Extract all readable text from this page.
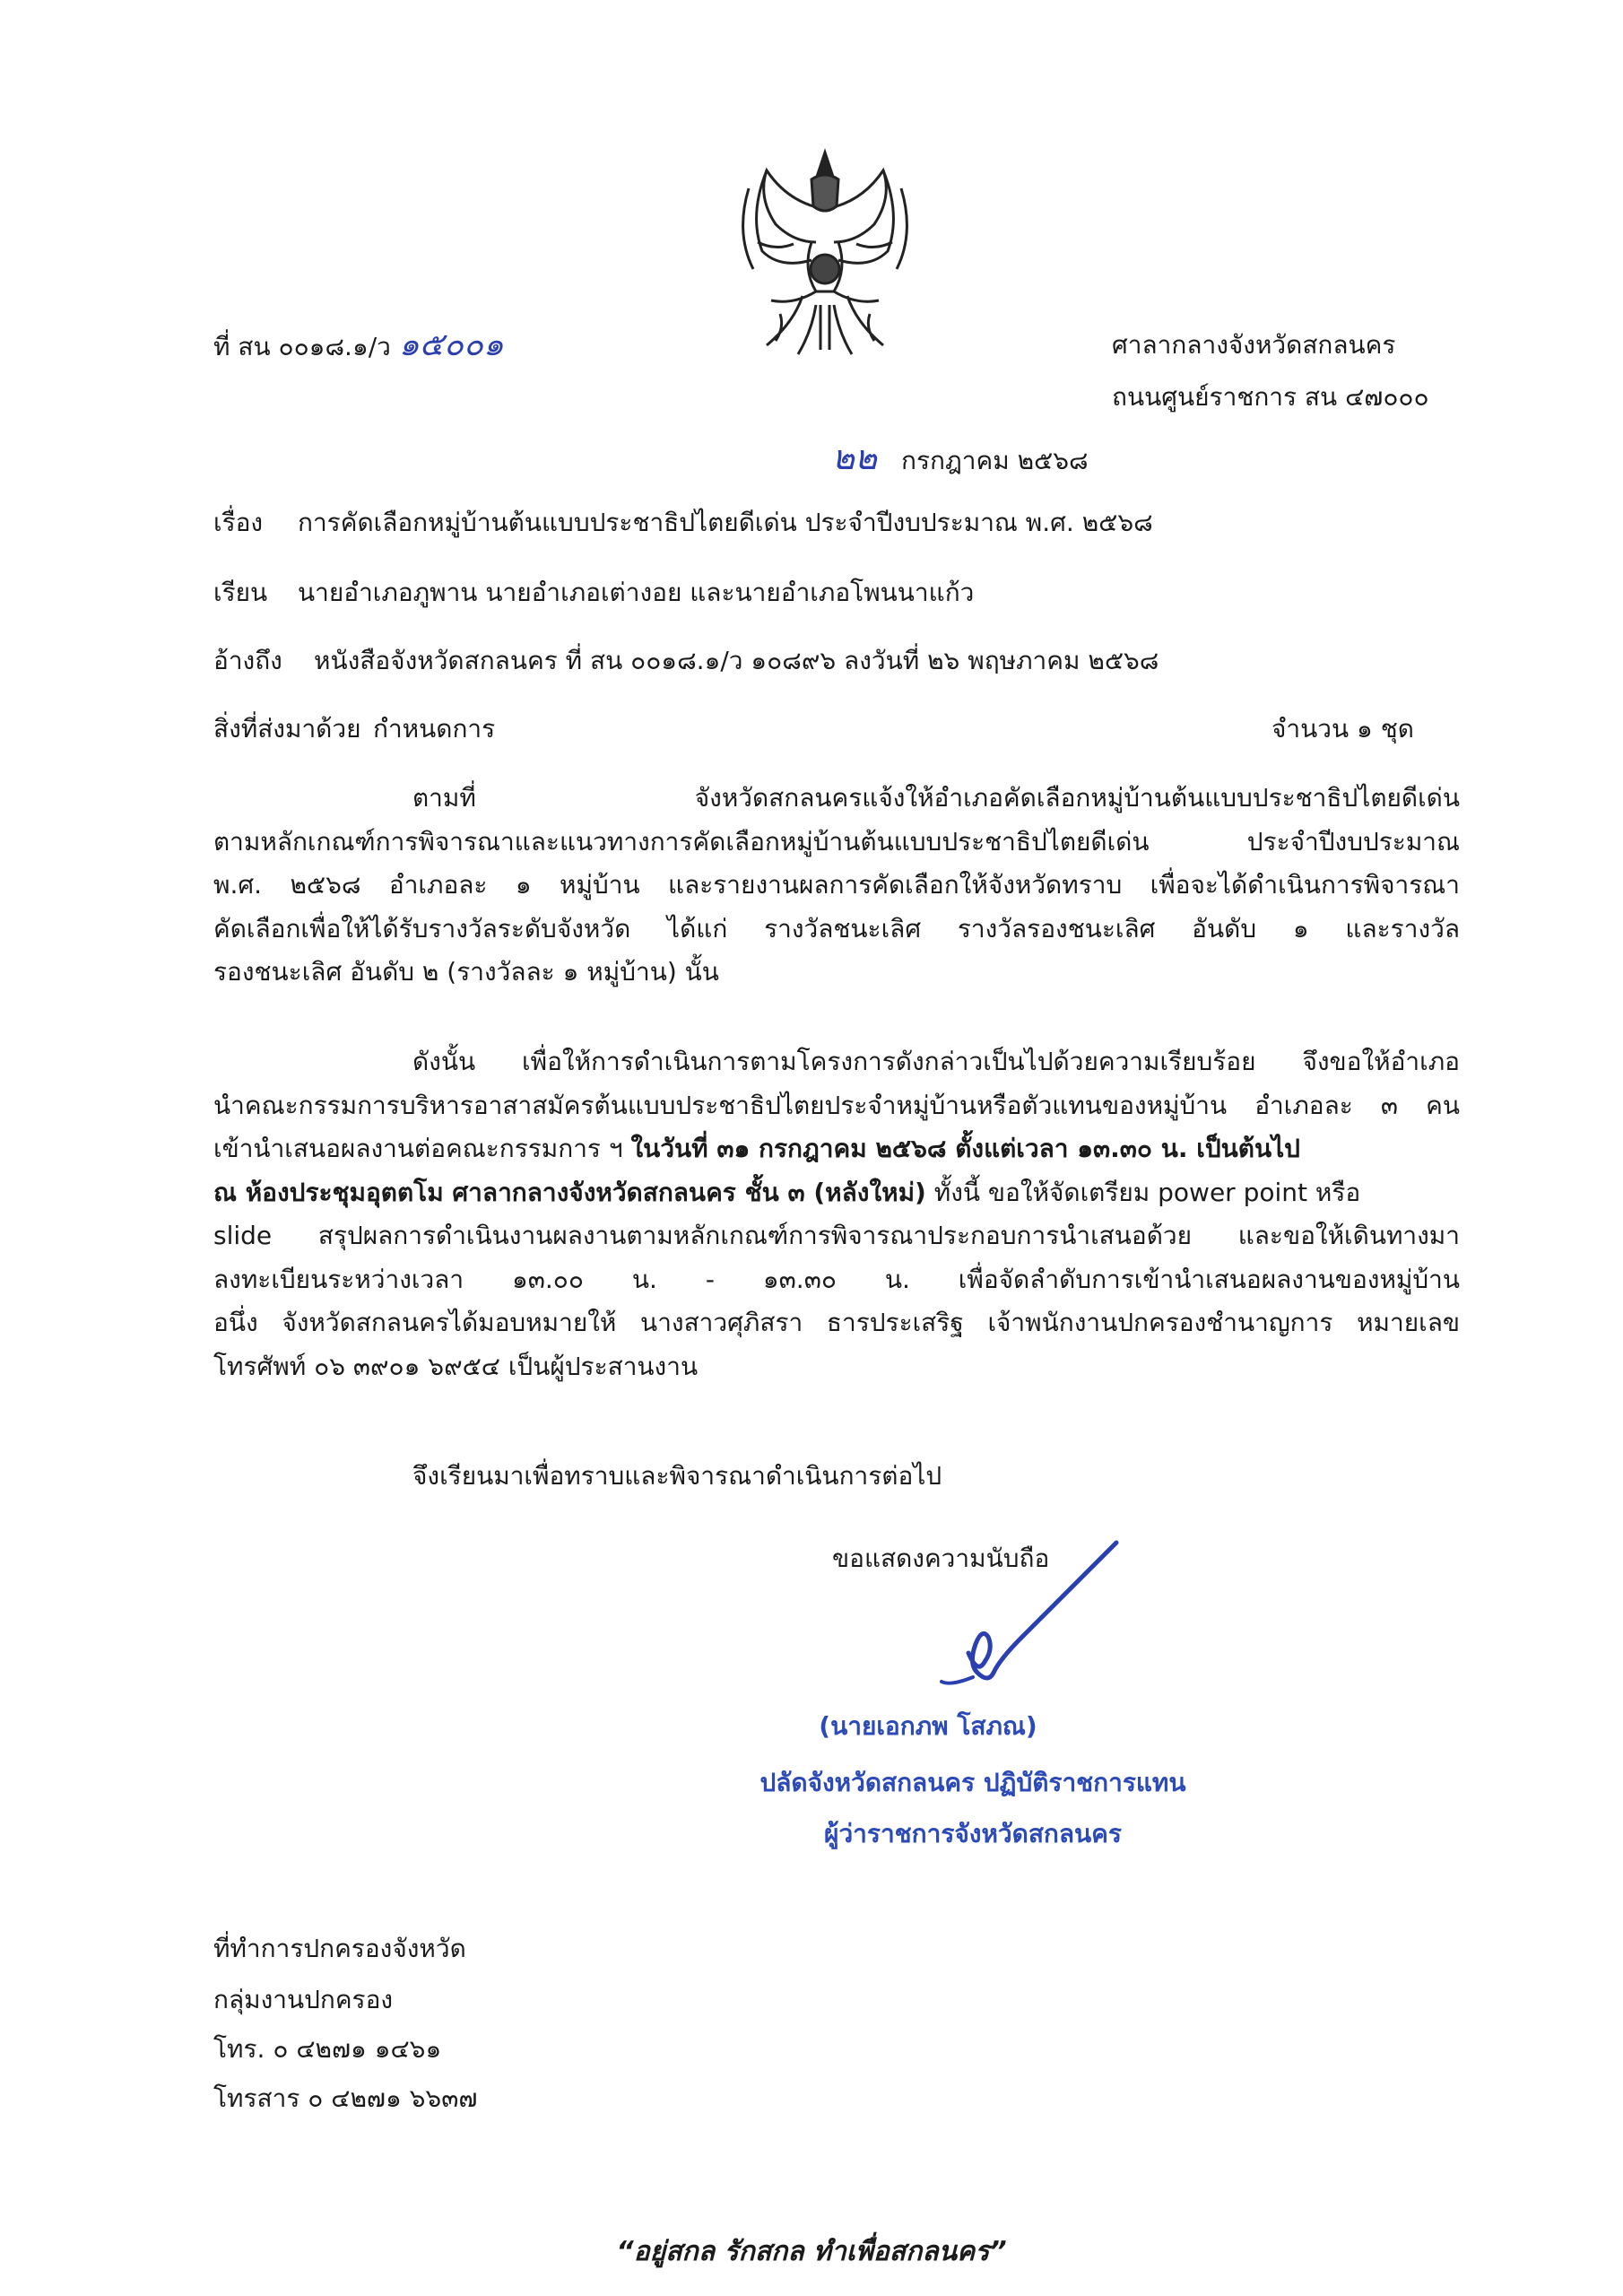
ที่ สน ๐๐๑๘.๑/ว ๑๕๐๐๑	ศาลากลางจังหวัดสกลนคร
ถนนศูนย์ราชการ สน ๔๗๐๐๐
๒๒ กรกฎาคม ๒๕๖๘
เรื่อง การคัดเลือกหมู่บ้านต้นแบบประชาธิปไตยดีเด่น ประจำปีงบประมาณ พ.ศ. ๒๕๖๘
เรียน นายอำเภอภูพาน นายอำเภอเต่างอย และนายอำเภอโพนนาแก้ว
อ้างถึง หนังสือจังหวัดสกลนคร ที่ สน ๐๐๑๘.๑/ว ๑๐๘๙๖ ลงวันที่ ๒๖ พฤษภาคม ๒๕๖๘
สิ่งที่ส่งมาด้วย กำหนดการ	จำนวน ๑ ชุด
ตามที่ จังหวัดสกลนครแจ้งให้อำเภอคัดเลือกหมู่บ้านต้นแบบประชาธิปไตยดีเด่น
ตามหลักเกณฑ์การพิจารณาและแนวทางการคัดเลือกหมู่บ้านต้นแบบประชาธิปไตยดีเด่น ประจำปีงบประมาณ
พ.ศ. ๒๕๖๘ อำเภอละ ๑ หมู่บ้าน และรายงานผลการคัดเลือกให้จังหวัดทราบ เพื่อจะได้ดำเนินการพิจารณา
คัดเลือกเพื่อให้ได้รับรางวัลระดับจังหวัด ได้แก่ รางวัลชนะเลิศ รางวัลรองชนะเลิศ อันดับ ๑ และรางวัล
รองชนะเลิศ อันดับ ๒ (รางวัลละ ๑ หมู่บ้าน) นั้น
ดังนั้น เพื่อให้การดำเนินการตามโครงการดังกล่าวเป็นไปด้วยความเรียบร้อย จึงขอให้อำเภอ
นำคณะกรรมการบริหารอาสาสมัครต้นแบบประชาธิปไตยประจำหมู่บ้านหรือตัวแทนของหมู่บ้าน อำเภอละ ๓ คน
เข้านำเสนอผลงานต่อคณะกรรมการ ฯ ในวันที่ ๓๑ กรกฎาคม ๒๕๖๘ ตั้งแต่เวลา ๑๓.๓๐ น. เป็นต้นไป
ณ ห้องประชุมอุตตโม ศาลากลางจังหวัดสกลนคร ชั้น ๓ (หลังใหม่) ทั้งนี้ ขอให้จัดเตรียม power point หรือ
slide สรุปผลการดำเนินงานผลงานตามหลักเกณฑ์การพิจารณาประกอบการนำเสนอด้วย และขอให้เดินทางมา
ลงทะเบียนระหว่างเวลา ๑๓.๐๐ น. - ๑๓.๓๐ น. เพื่อจัดลำดับการเข้านำเสนอผลงานของหมู่บ้าน
อนึ่ง จังหวัดสกลนครได้มอบหมายให้ นางสาวศุภิสรา ธารประเสริฐ เจ้าพนักงานปกครองชำนาญการ หมายเลข
โทรศัพท์ ๐๖ ๓๙๐๑ ๖๙๕๔ เป็นผู้ประสานงาน
จึงเรียนมาเพื่อทราบและพิจารณาดำเนินการต่อไป
ขอแสดงความนับถือ
(นายเอกภพ โสภณ)
ปลัดจังหวัดสกลนคร ปฏิบัติราชการแทน
ผู้ว่าราชการจังหวัดสกลนคร
ที่ทำการปกครองจังหวัด
กลุ่มงานปกครอง
โทร. ๐ ๔๒๗๑ ๑๔๖๑
โทรสาร ๐ ๔๒๗๑ ๖๖๓๗
“อยู่สกล รักสกล ทำเพื่อสกลนคร”
